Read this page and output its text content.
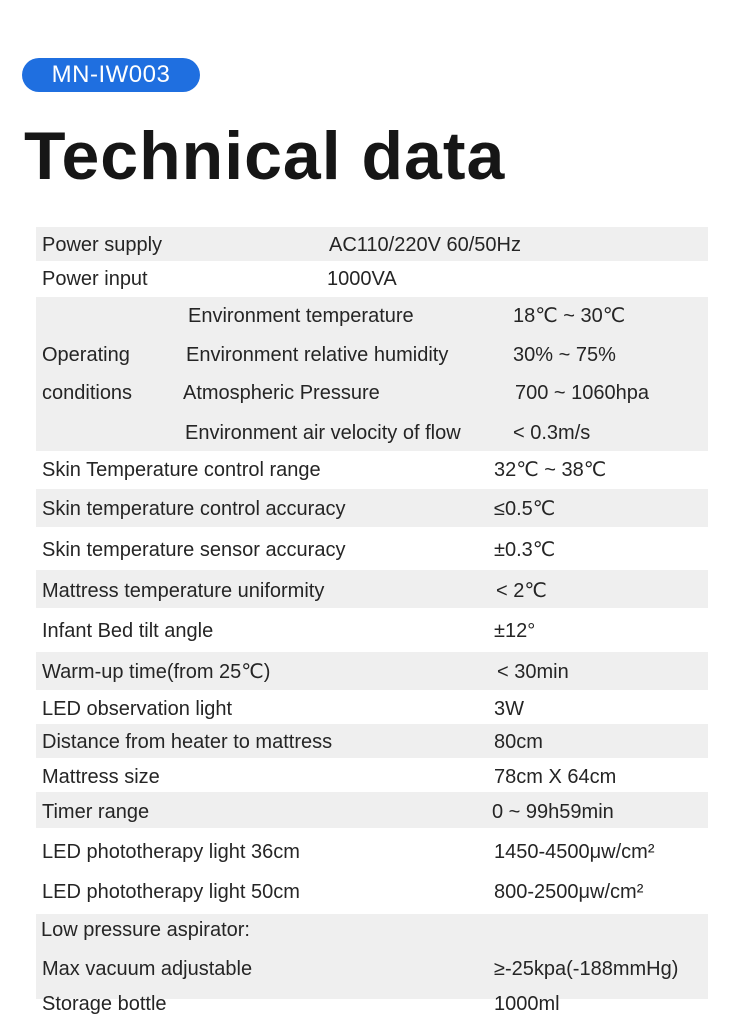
MN-IW003
Technical data
Power supply	AC110/220V 60/50Hz
Power input	1000VA
Operating
conditions
Environment temperature	18℃ ~ 30℃
Environment relative humidity	30% ~ 75%
Atmospheric Pressure	700 ~ 1060hpa
Environment air velocity of flow	< 0.3m/s
Skin Temperature control range	32℃ ~ 38℃
Skin temperature control accuracy	≤0.5℃
Skin temperature sensor accuracy	±0.3℃
Mattress temperature uniformity	< 2℃
Infant Bed tilt angle	±12°
Warm-up time(from 25℃)	< 30min
LED observation light	3W
Distance from heater to mattress	80cm
Mattress size	78cm X 64cm
Timer range	0 ~ 99h59min
LED phototherapy light 36cm	1450-4500μw/cm²
LED phototherapy light 50cm	800-2500μw/cm²
Low pressure aspirator:
Max vacuum adjustable	≥-25kpa(-188mmHg)
Storage bottle	1000ml
